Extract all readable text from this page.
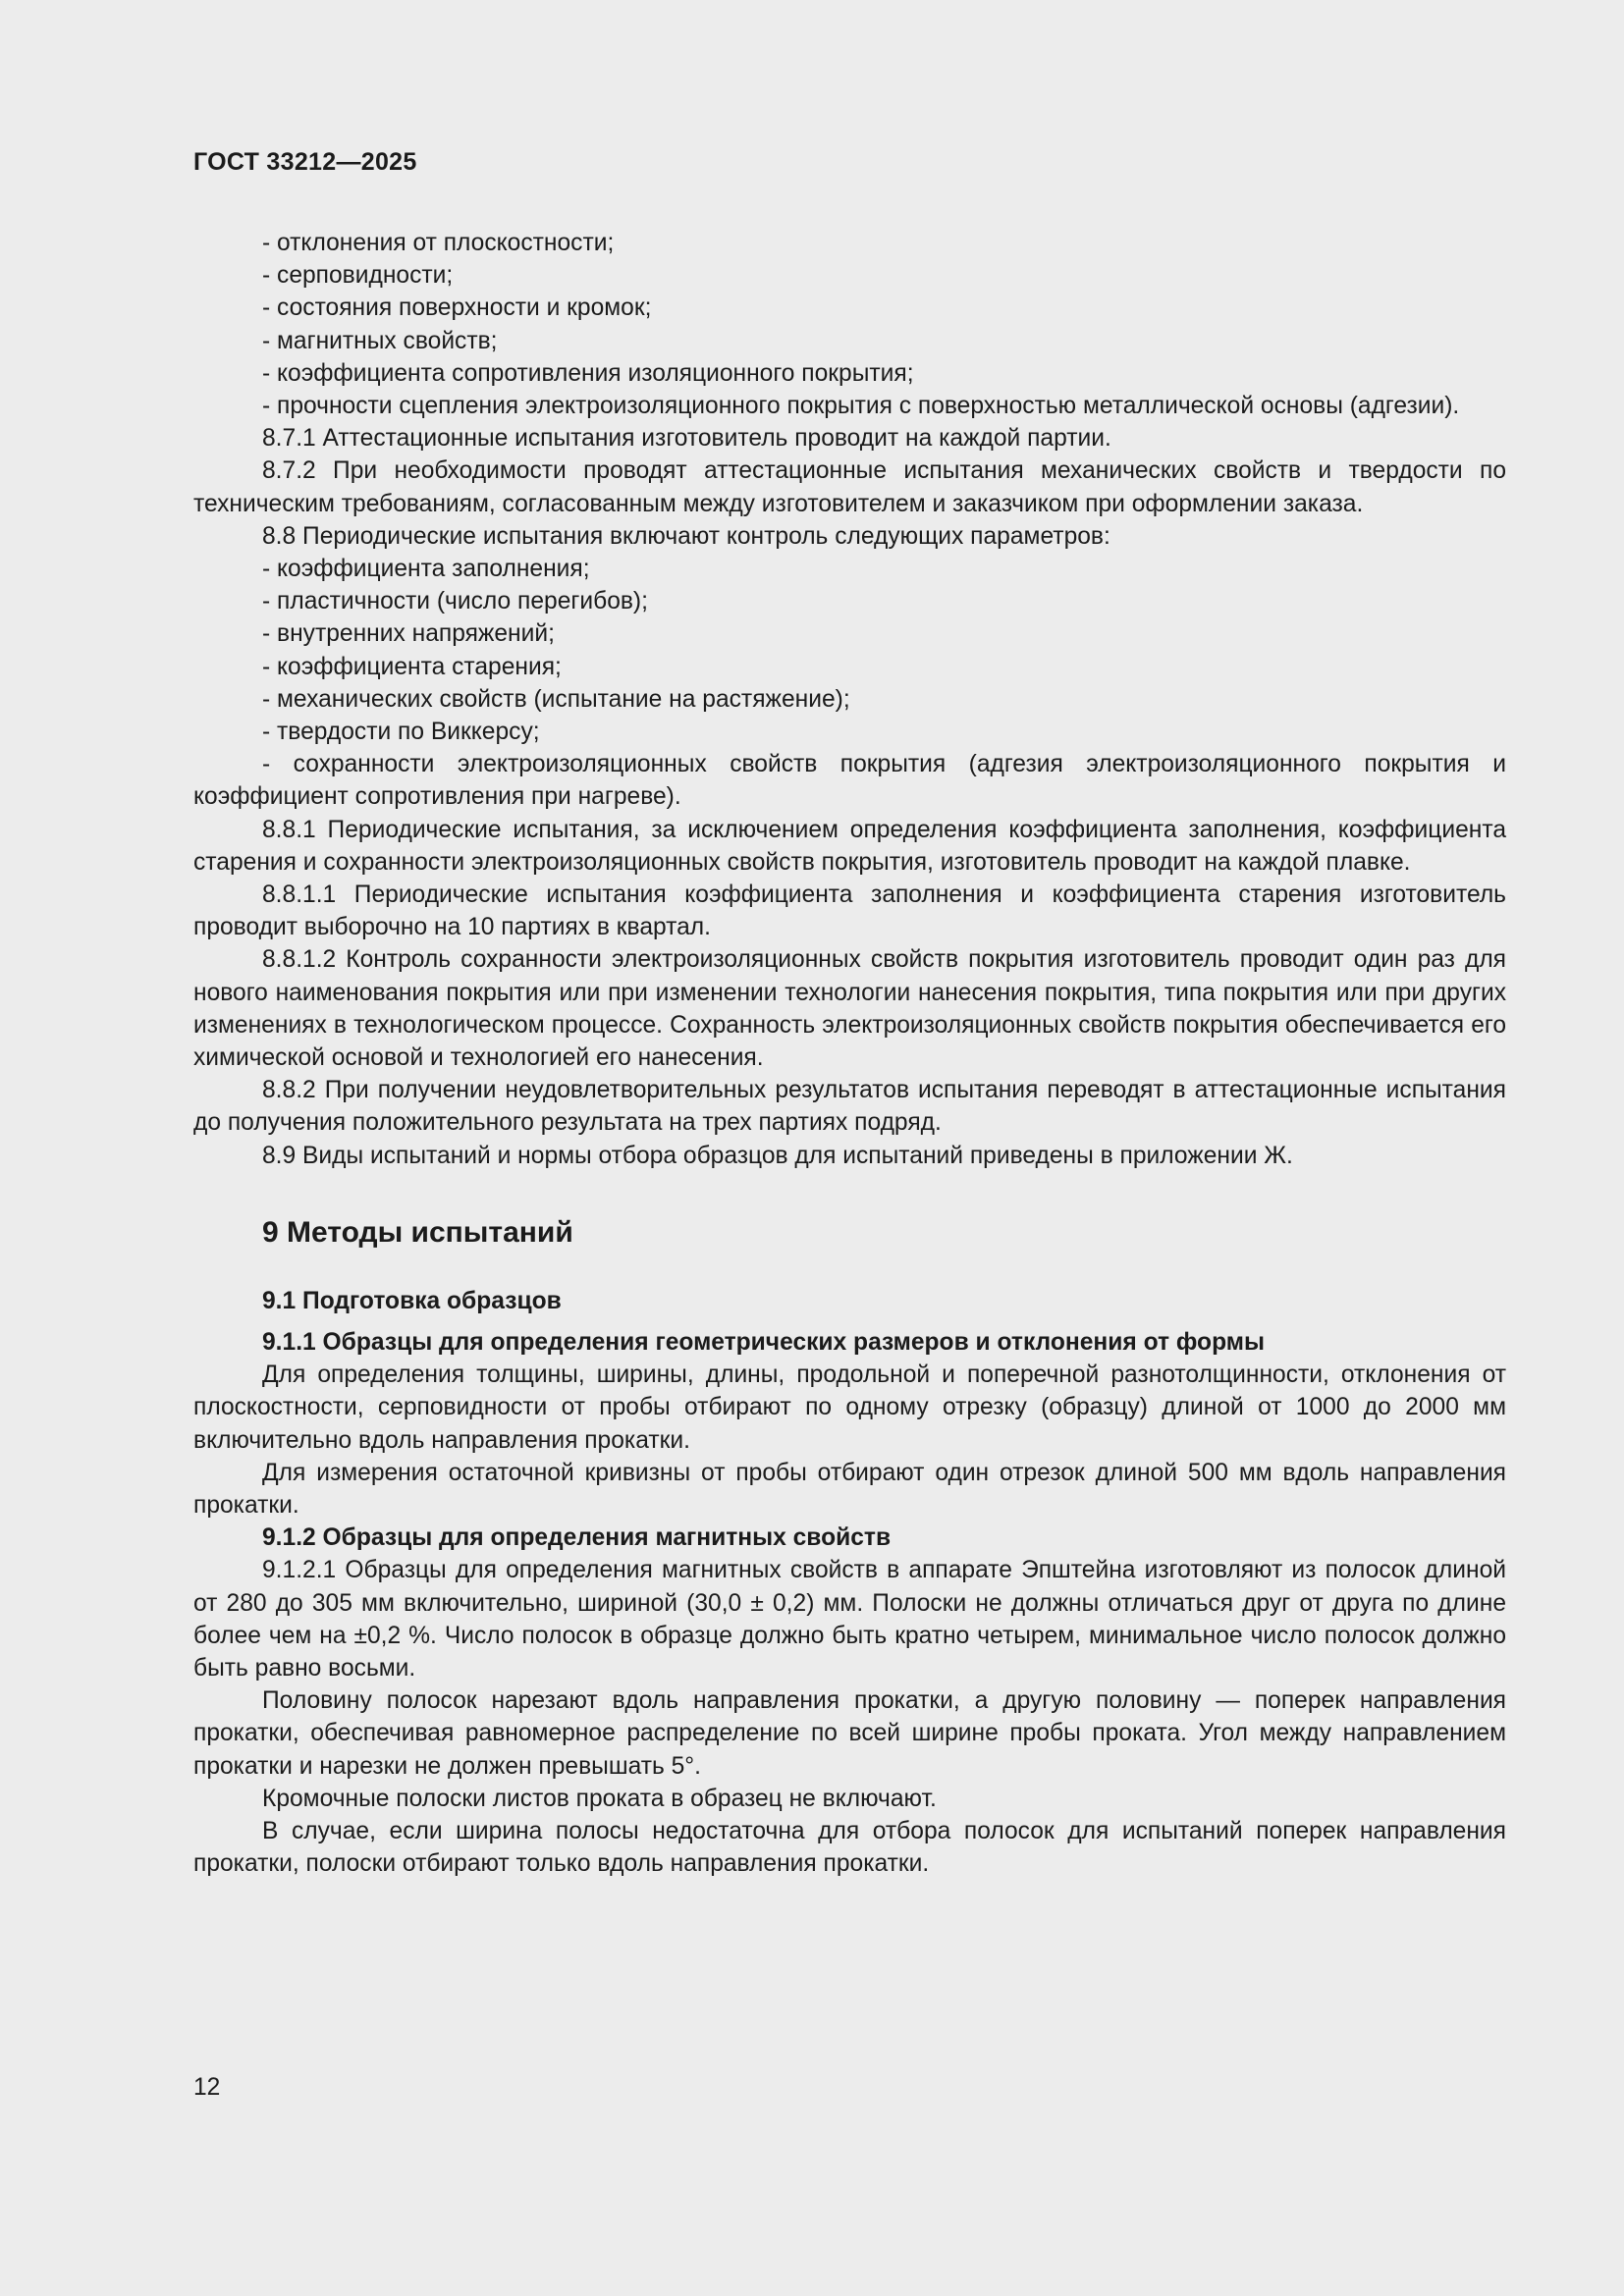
ГОСТ 33212—2025

- отклонения от плоскостности;

- серповидности;

- состояния поверхности и кромок;

- магнитных свойств;

- коэффициента сопротивления изоляционного покрытия;

- прочности сцепления электроизоляционного покрытия с поверхностью металлической основы (адгезии).

8.7.1 Аттестационные испытания изготовитель проводит на каждой партии.

8.7.2 При необходимости проводят аттестационные испытания механических свойств и твердости по техническим требованиям, согласованным между изготовителем и заказчиком при оформлении заказа.

8.8 Периодические испытания включают контроль следующих параметров:

- коэффициента заполнения;

- пластичности (число перегибов);

- внутренних напряжений;

- коэффициента старения;

- механических свойств (испытание на растяжение);

- твердости по Виккерсу;

- сохранности электроизоляционных свойств покрытия (адгезия электроизоляционного покрытия и коэффициент сопротивления при нагреве).

8.8.1 Периодические испытания, за исключением определения коэффициента заполнения, коэффициента старения и сохранности электроизоляционных свойств покрытия, изготовитель проводит на каждой плавке.

8.8.1.1 Периодические испытания коэффициента заполнения и коэффициента старения изготовитель проводит выборочно на 10 партиях в квартал.

8.8.1.2 Контроль сохранности электроизоляционных свойств покрытия изготовитель проводит один раз для нового наименования покрытия или при изменении технологии нанесения покрытия, типа покрытия или при других изменениях в технологическом процессе. Сохранность электроизоляционных свойств покрытия обеспечивается его химической основой и технологией его нанесения.

8.8.2 При получении неудовлетворительных результатов испытания переводят в аттестационные испытания до получения положительного результата на трех партиях подряд.

8.9 Виды испытаний и нормы отбора образцов для испытаний приведены в приложении Ж.

9 Методы испытаний
9.1 Подготовка образцов
9.1.1 Образцы для определения геометрических размеров и отклонения от формы

Для определения толщины, ширины, длины, продольной и поперечной разнотолщинности, отклонения от плоскостности, серповидности от пробы отбирают по одному отрезку (образцу) длиной от 1000 до 2000 мм включительно вдоль направления прокатки.

Для измерения остаточной кривизны от пробы отбирают один отрезок длиной 500 мм вдоль направления прокатки.

9.1.2 Образцы для определения магнитных свойств

9.1.2.1 Образцы для определения магнитных свойств в аппарате Эпштейна изготовляют из полосок длиной от 280 до 305 мм включительно, шириной (30,0 ± 0,2) мм. Полоски не должны отличаться друг от друга по длине более чем на ±0,2 %. Число полосок в образце должно быть кратно четырем, минимальное число полосок должно быть равно восьми.

Половину полосок нарезают вдоль направления прокатки, а другую половину — поперек направления прокатки, обеспечивая равномерное распределение по всей ширине пробы проката. Угол между направлением прокатки и нарезки не должен превышать 5°.

Кромочные полоски листов проката в образец не включают.

В случае, если ширина полосы недостаточна для отбора полосок для испытаний поперек направления прокатки, полоски отбирают только вдоль направления прокатки.

12
